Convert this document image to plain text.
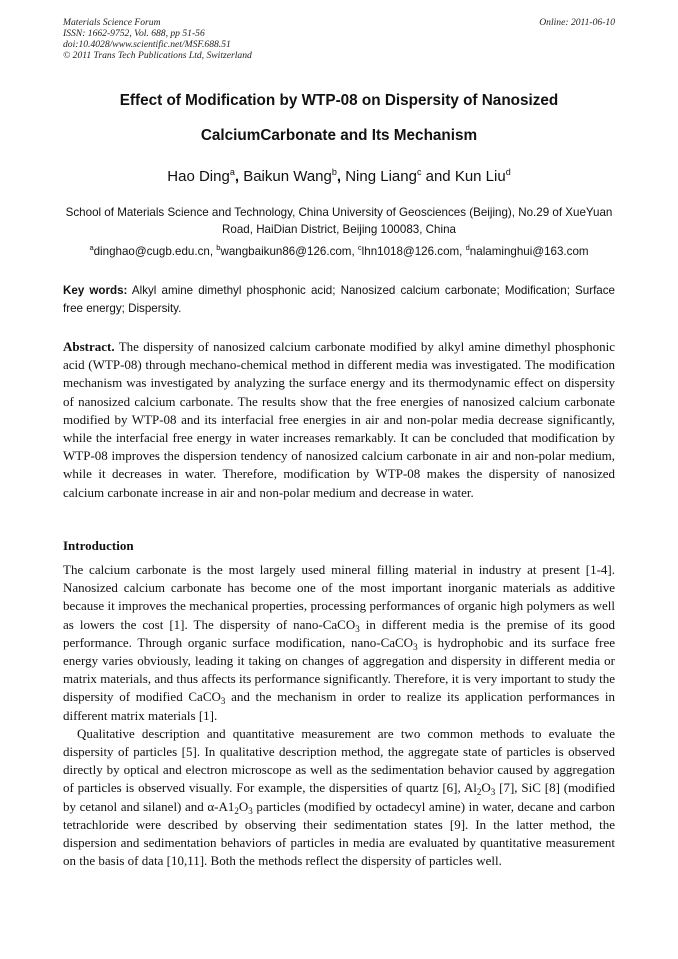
Materials Science Forum
ISSN: 1662-9752, Vol. 688, pp 51-56
doi:10.4028/www.scientific.net/MSF.688.51
© 2011 Trans Tech Publications Ltd, Switzerland
Online: 2011-06-10
Effect of Modification by WTP-08 on Dispersity of Nanosized
CalciumCarbonate and Its Mechanism
Hao Ding$^a$, Baikun Wang$^b$, Ning Liang$^c$ and Kun Liu$^d$
School of Materials Science and Technology, China University of Geosciences (Beijing), No.29 of XueYuan Road, HaiDian District, Beijing 100083, China
$^a$dinghao@cugb.edu.cn, $^b$wangbaikun86@126.com, $^c$lhn1018@126.com, $^d$nalaminghui@163.com
Key words: Alkyl amine dimethyl phosphonic acid; Nanosized calcium carbonate; Modification; Surface free energy; Dispersity.
Abstract. The dispersity of nanosized calcium carbonate modified by alkyl amine dimethyl phosphonic acid (WTP-08) through mechano-chemical method in different media was investigated. The modification mechanism was investigated by analyzing the surface energy and its thermodynamic effect on dispersity of nanosized calcium carbonate. The results show that the free energies of nanosized calcium carbonate modified by WTP-08 and its interfacial free energies in air and non-polar media decrease significantly, while the interfacial free energy in water increases remarkably. It can be concluded that modification by WTP-08 improves the dispersion tendency of nanosized calcium carbonate in air and non-polar medium, while it decreases in water. Therefore, modification by WTP-08 makes the dispersity of nanosized calcium carbonate increase in air and non-polar medium and decrease in water.
Introduction

The calcium carbonate is the most largely used mineral filling material in industry at present [1-4]. Nanosized calcium carbonate has become one of the most important inorganic materials as additive because it improves the mechanical properties, processing performances of organic high polymers as well as lowers the cost [1]. The dispersity of nano-CaCO$_3$ in different media is the premise of its good performance. Through organic surface modification, nano-CaCO$_3$ is hydrophobic and its surface free energy varies obviously, leading it taking on changes of aggregation and dispersity in different media or matrix materials, and thus affects its performance significantly. Therefore, it is very important to study the dispersity of modified CaCO$_3$ and the mechanism in order to realize its application performances in different matrix materials [1].

Qualitative description and quantitative measurement are two common methods to evaluate the dispersity of particles [5]. In qualitative description method, the aggregate state of particles is observed directly by optical and electron microscope as well as the sedimentation behavior caused by aggregation of particles is observed visually. For example, the dispersities of quartz [6], $Al_2O_3$ [7], SiC [8] (modified by cetanol and silanel) and $\alpha-A1_2O_3$ particles (modified by octadecyl amine) in water, decane and carbon tetrachloride were described by observing their sedimentation states [9]. In the latter method, the dispersion and sedimentation behaviors of particles in media are evaluated by quantitative measurement on the basis of data [10,11]. Both the methods reflect the dispersity of particles well.
